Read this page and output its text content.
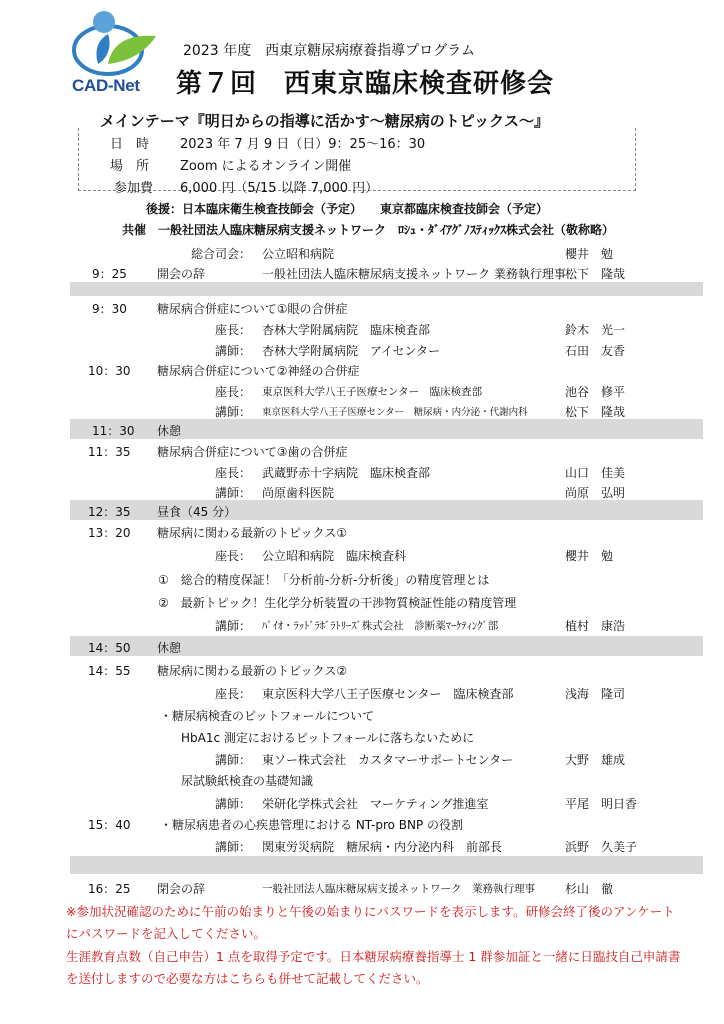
CAD-Net
2023 年度　西東京糖尿病療養指導プログラム
第７回　西東京臨床検査研修会
メインテーマ『明日からの指導に活かす～糖尿病のトピックス～』
日　時 2023 年 7 月 9 日（日）9：25～16：30
場　所 Zoom によるオンライン開催
参加費 6,000 円（5/15 以降 7,000 円）
後援：日本臨床衛生検査技師会（予定）　　東京都臨床検査技師会（予定）
共催　一般社団法人臨床糖尿病支援ネットワーク　ﾛｼｭ・ﾀﾞｲｱｸﾞﾉｽﾃｨｯｸｽ株式会社（敬称略）
総合司会： 公立昭和病院	櫻井　勉
9：25	開会の辞	一般社団法人臨床糖尿病支援ネットワーク 業務執行理事 松下　隆哉
9：30	糖尿病合併症について①眼の合併症
座長： 杏林大学附属病院　臨床検査部	鈴木　光一
講師： 杏林大学附属病院　アイセンター	石田　友香
10：30 糖尿病合併症について②神経の合併症
座長： 東京医科大学八王子医療センター　臨床検査部	池谷　修平
講師： 東京医科大学八王子医療センター　糖尿病・内分泌・代謝内科	松下　隆哉
11：30 休憩
11：35 糖尿病合併症について③歯の合併症
座長： 武蔵野赤十字病院　臨床検査部	山口　佳美
講師： 尚原歯科医院	尚原　弘明
12：35 昼食（45 分）
13：20 糖尿病に関わる最新のトピックス①
座長： 公立昭和病院　臨床検査科	櫻井　勉
①　総合的精度保証！「分析前-分析-分析後」の精度管理とは
②　最新トピック！生化学分析装置の干渉物質検証性能の精度管理
講師： ﾊﾞｲｵ・ﾗｯﾄﾞﾗﾎﾞﾗﾄﾘｰｽﾞ株式会社　診断薬ﾏｰｹﾃｨﾝｸﾞ部	植村　康浩
14：50 休憩
14：55 糖尿病に関わる最新のトピックス②
座長： 東京医科大学八王子医療センター　臨床検査部	浅海　隆司
・糖尿病検査のピットフォールについて
HbA1c 測定におけるピットフォールに落ちないために
講師： 東ソー株式会社　カスタマーサポートセンター	大野　雄成
尿試験紙検査の基礎知識
講師： 栄研化学株式会社　マーケティング推進室	平尾　明日香
15：40 ・糖尿病患者の心疾患管理における NT-pro BNP の役割
講師： 関東労災病院　糖尿病・内分泌内科　前部長	浜野　久美子
16：25 閉会の辞	一般社団法人臨床糖尿病支援ネットワーク　業務執行理事	杉山　徹
※参加状況確認のために午前の始まりと午後の始まりにパスワードを表示します。研修会終了後のアンケート
にパスワードを記入してください。
生涯教育点数（自己申告）1 点を取得予定です。日本糖尿病療養指導士 1 群参加証と一緒に日臨技自己申請書
を送付しますので必要な方はこちらも併せて記載してください。
